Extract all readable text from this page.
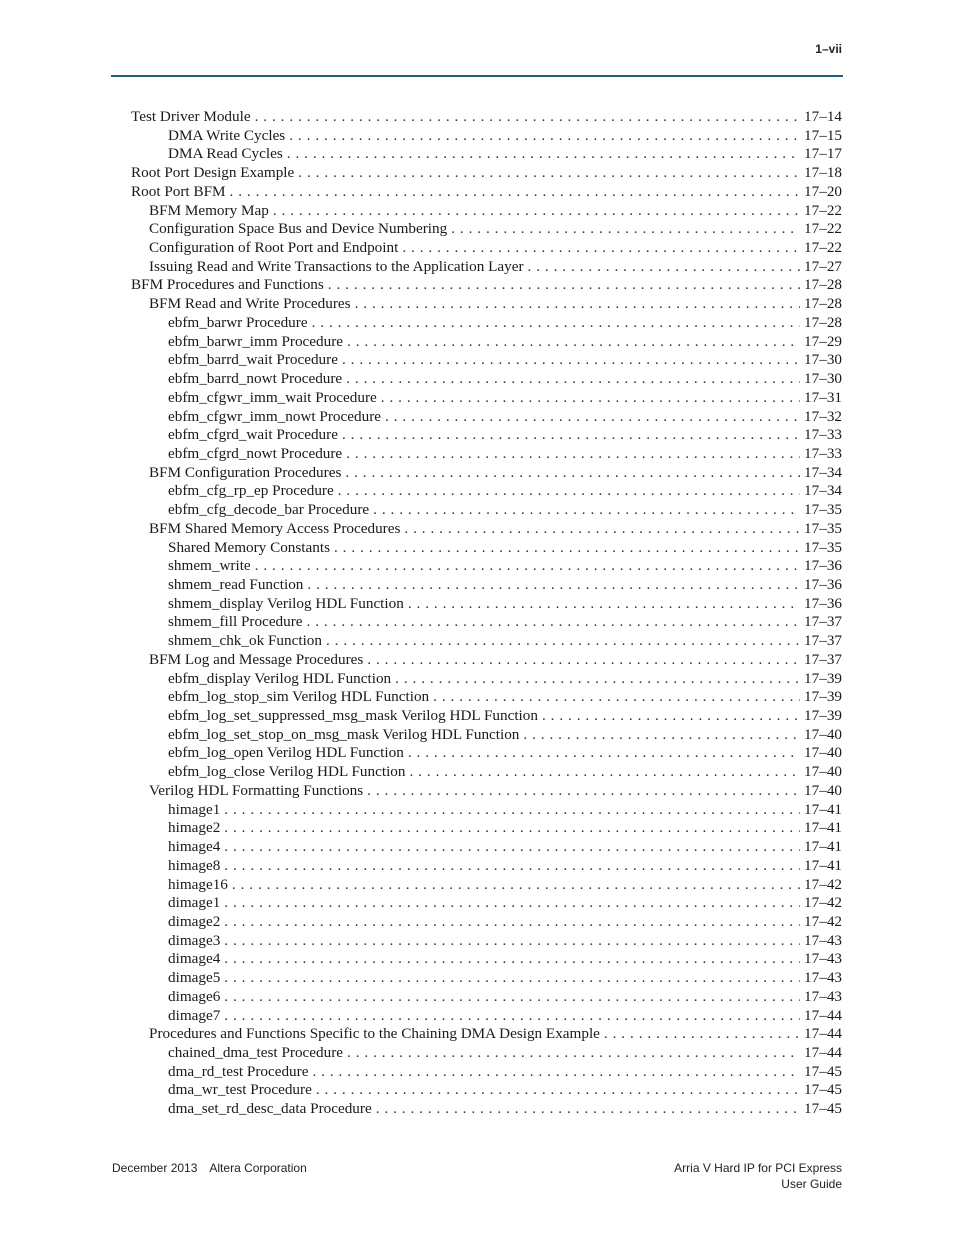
1–vii
Test Driver Module . . .	17–14
DMA Write Cycles . . .	17–15
DMA Read Cycles . . .	17–17
Root Port Design Example . . .	17–18
Root Port BFM . . .	17–20
BFM Memory Map . . .	17–22
Configuration Space Bus and Device Numbering . . .	17–22
Configuration of Root Port and Endpoint . . .	17–22
Issuing Read and Write Transactions to the Application Layer . . .	17–27
BFM Procedures and Functions . . .	17–28
BFM Read and Write Procedures . . .	17–28
ebfm_barwr Procedure . . .	17–28
ebfm_barwr_imm Procedure . . .	17–29
ebfm_barrd_wait Procedure . . .	17–30
ebfm_barrd_nowt Procedure . . .	17–30
ebfm_cfgwr_imm_wait Procedure . . .	17–31
ebfm_cfgwr_imm_nowt Procedure . . .	17–32
ebfm_cfgrd_wait Procedure . . .	17–33
ebfm_cfgrd_nowt Procedure . . .	17–33
BFM Configuration Procedures . . .	17–34
ebfm_cfg_rp_ep Procedure . . .	17–34
ebfm_cfg_decode_bar Procedure . . .	17–35
BFM Shared Memory Access Procedures . . .	17–35
Shared Memory Constants . . .	17–35
shmem_write . . .	17–36
shmem_read Function . . .	17–36
shmem_display Verilog HDL Function . . .	17–36
shmem_fill Procedure . . .	17–37
shmem_chk_ok Function . . .	17–37
BFM Log and Message Procedures . . .	17–37
ebfm_display Verilog HDL Function . . .	17–39
ebfm_log_stop_sim Verilog HDL Function . . .	17–39
ebfm_log_set_suppressed_msg_mask Verilog HDL Function . . .	17–39
ebfm_log_set_stop_on_msg_mask Verilog HDL Function . . .	17–40
ebfm_log_open Verilog HDL Function . . .	17–40
ebfm_log_close Verilog HDL Function . . .	17–40
Verilog HDL Formatting Functions . . .	17–40
himage1 . . .	17–41
himage2 . . .	17–41
himage4 . . .	17–41
himage8 . . .	17–41
himage16 . . .	17–42
dimage1 . . .	17–42
dimage2 . . .	17–42
dimage3 . . .	17–43
dimage4 . . .	17–43
dimage5 . . .	17–43
dimage6 . . .	17–43
dimage7 . . .	17–44
Procedures and Functions Specific to the Chaining DMA Design Example . . .	17–44
chained_dma_test Procedure . . .	17–44
dma_rd_test Procedure . . .	17–45
dma_wr_test Procedure . . .	17–45
dma_set_rd_desc_data Procedure . . .	17–45
December 2013 Altera Corporation	Arria V Hard IP for PCI Express
User Guide
